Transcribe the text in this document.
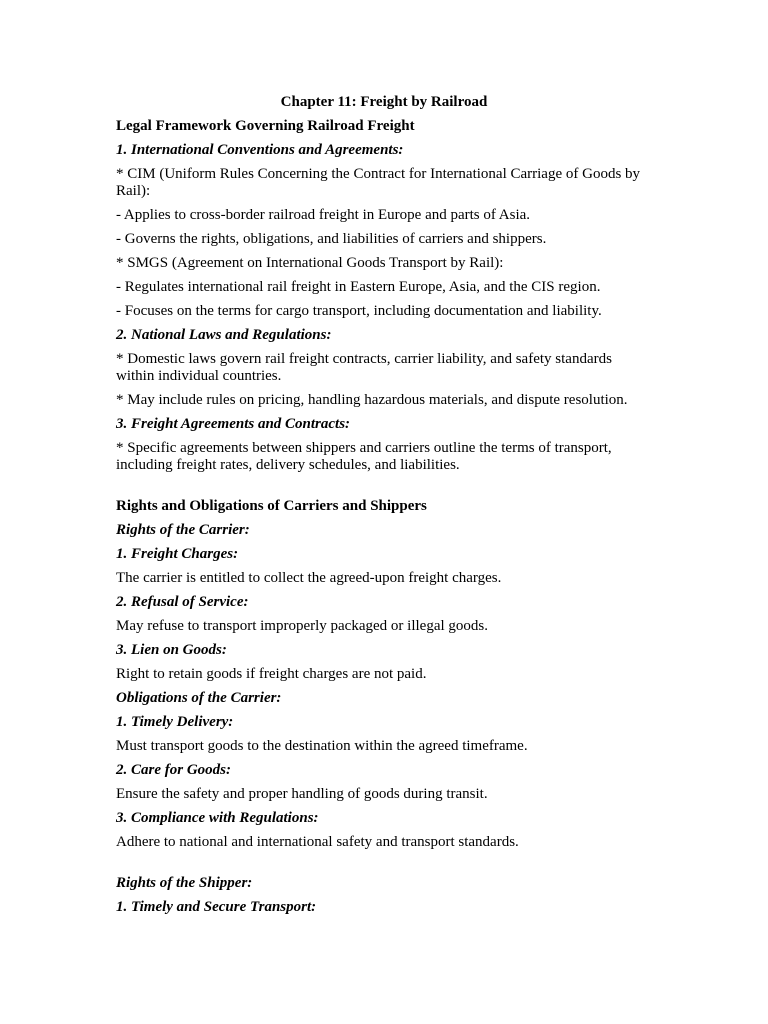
Chapter 11: Freight by Railroad
Legal Framework Governing Railroad Freight
1. International Conventions and Agreements:
* CIM (Uniform Rules Concerning the Contract for International Carriage of Goods by Rail):
- Applies to cross-border railroad freight in Europe and parts of Asia.
- Governs the rights, obligations, and liabilities of carriers and shippers.
* SMGS (Agreement on International Goods Transport by Rail):
- Regulates international rail freight in Eastern Europe, Asia, and the CIS region.
- Focuses on the terms for cargo transport, including documentation and liability.
2. National Laws and Regulations:
* Domestic laws govern rail freight contracts, carrier liability, and safety standards within individual countries.
* May include rules on pricing, handling hazardous materials, and dispute resolution.
3. Freight Agreements and Contracts:
* Specific agreements between shippers and carriers outline the terms of transport, including freight rates, delivery schedules, and liabilities.
Rights and Obligations of Carriers and Shippers
Rights of the Carrier:
1. Freight Charges:
The carrier is entitled to collect the agreed-upon freight charges.
2. Refusal of Service:
May refuse to transport improperly packaged or illegal goods.
3. Lien on Goods:
Right to retain goods if freight charges are not paid.
Obligations of the Carrier:
1. Timely Delivery:
Must transport goods to the destination within the agreed timeframe.
2. Care for Goods:
Ensure the safety and proper handling of goods during transit.
3. Compliance with Regulations:
Adhere to national and international safety and transport standards.
Rights of the Shipper:
1. Timely and Secure Transport:
